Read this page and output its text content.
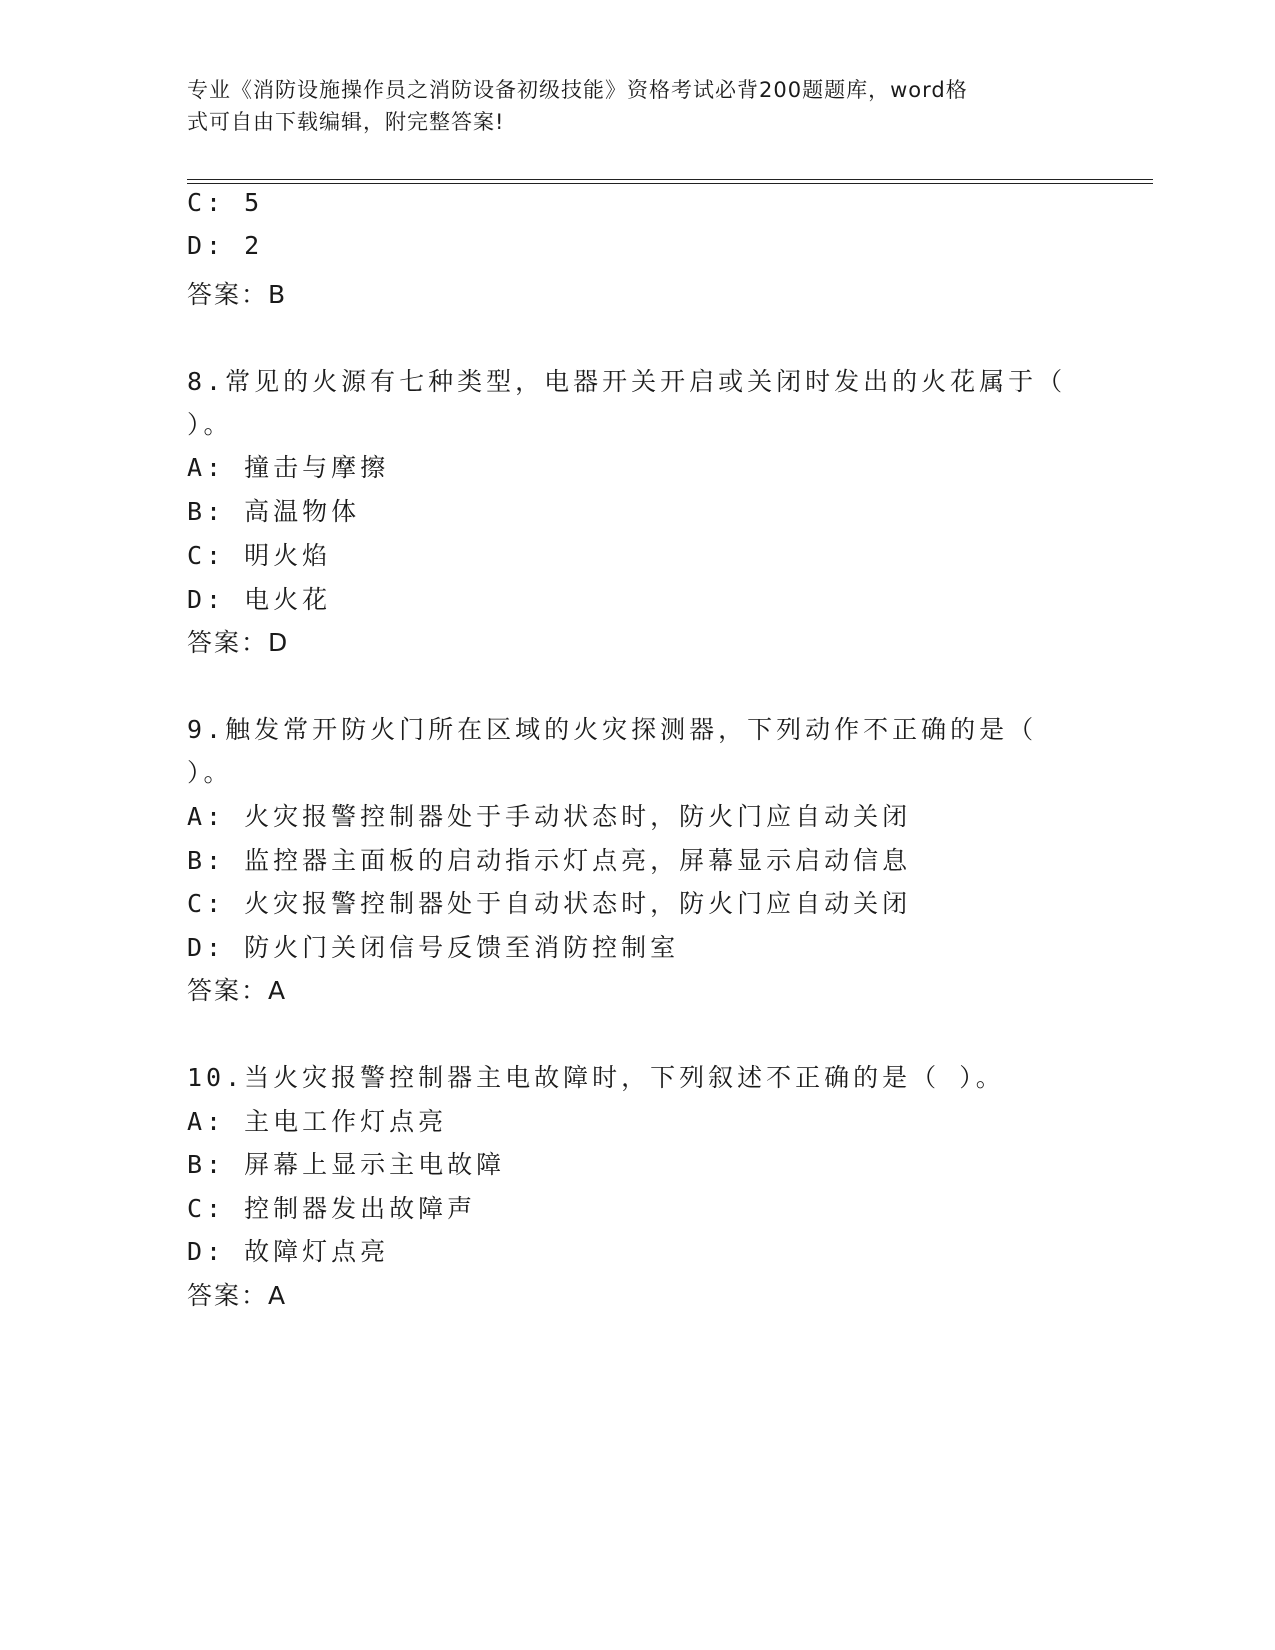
专业《消防设施操作员之消防设备初级技能》资格考试必背200题题库，word格
式可自由下载编辑，附完整答案!
C: 5
D: 2
答案：B
8.常见的火源有七种类型，电器开关开启或关闭时发出的火花属于（
）。
A: 撞击与摩擦
B: 高温物体
C: 明火焰
D: 电火花
答案：D
9.触发常开防火门所在区域的火灾探测器，下列动作不正确的是（
）。
A: 火灾报警控制器处于手动状态时，防火门应自动关闭
B: 监控器主面板的启动指示灯点亮，屏幕显示启动信息
C: 火灾报警控制器处于自动状态时，防火门应自动关闭
D: 防火门关闭信号反馈至消防控制室
答案：A
10.当火灾报警控制器主电故障时，下列叙述不正确的是（ ）。
A: 主电工作灯点亮
B: 屏幕上显示主电故障
C: 控制器发出故障声
D: 故障灯点亮
答案：A
